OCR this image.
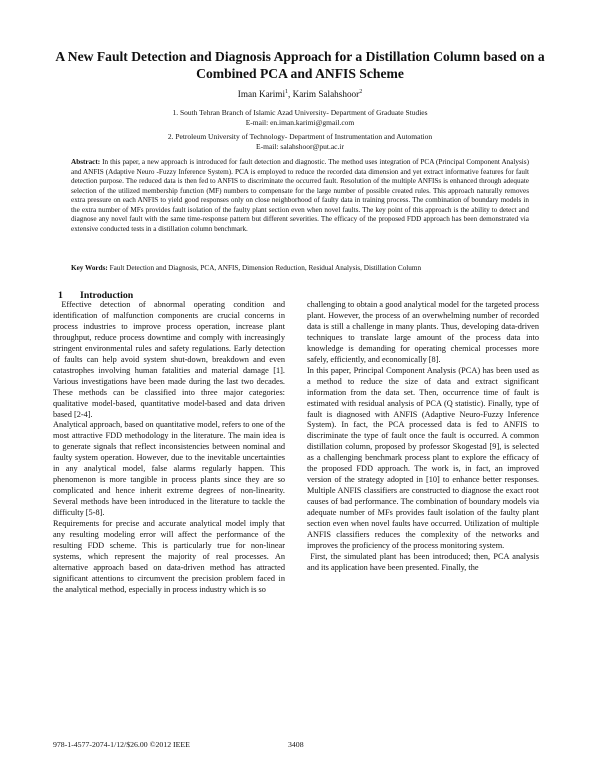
A New Fault Detection and Diagnosis Approach for a Distillation Column based on a Combined PCA and ANFIS Scheme
Iman Karimi$^1$, Karim Salahshoor$^2$

1. South Tehran Branch of Islamic Azad University- Department of Graduate Studies

E-mail: en.iman.karimi@gmail.com

2. Petroleum University of Technology- Department of Instrumentation and Automation

E-mail: salahshoor@put.ac.ir

Abstract: In this paper, a new approach is introduced for fault detection and diagnostic. The method uses integration of PCA (Principal Component Analysis) and ANFIS (Adaptive Neuro -Fuzzy Inference System). PCA is employed to reduce the recorded data dimension and yet extract informative features for fault detection purpose. The reduced data is then fed to ANFIS to discriminate the occurred fault. Resolution of the multiple ANFISs is enhanced through adequate selection of the utilized membership function (MF) numbers to compensate for the large number of possible created rules. This approach naturally removes extra pressure on each ANFIS to yield good responses only on close neighborhood of faulty data in training process. The combination of boundary models in the extra number of MFs provides fault isolation of the faulty plant section even when novel faults. The key point of this approach is the ability to detect and diagnose any novel fault with the same time-response pattern but different severities. The efficacy of the proposed FDD approach has been demonstrated via extensive conducted tests in a distillation column benchmark.

Key Words: Fault Detection and Diagnosis, PCA, ANFIS, Dimension Reduction, Residual Analysis, Distillation Column

1 Introduction

Effective detection of abnormal operating condition and identification of malfunction components are crucial concerns in process industries to improve process operation, increase plant throughput, reduce process downtime and comply with increasingly stringent environmental rules and safety regulations. Early detection of faults can help avoid system shut-down, breakdown and even catastrophes involving human fatalities and material damage [1]. Various investigations have been made during the last two decades. These methods can be classified into three major categories: qualitative model-based, quantitative model-based and data driven based [2-4].

Analytical approach, based on quantitative model, refers to one of the most attractive FDD methodology in the literature. The main idea is to generate signals that reflect inconsistencies between nominal and faulty system operation. However, due to the inevitable uncertainties in any analytical model, false alarms regularly happen. This phenomenon is more tangible in process plants since they are so complicated and hence inherit extreme degrees of non-linearity. Several methods have been introduced in the literature to tackle the difficulty [5-8].

Requirements for precise and accurate analytical model imply that any resulting modeling error will affect the performance of the resulting FDD scheme. This is particularly true for non-linear systems, which represent the majority of real processes. An alternative approach based on data-driven method has attracted significant attentions to circumvent the precision problem faced in the analytical method, especially in process industry which is so

challenging to obtain a good analytical model for the targeted process plant. However, the process of an overwhelming number of recorded data is still a challenge in many plants. Thus, developing data-driven techniques to translate large amount of the process data into knowledge is demanding for operating chemical processes more safely, efficiently, and economically [8].

In this paper, Principal Component Analysis (PCA) has been used as a method to reduce the size of data and extract significant information from the data set. Then, occurrence time of fault is estimated with residual analysis of PCA (Q statistic). Finally, type of fault is diagnosed with ANFIS (Adaptive Neuro-Fuzzy Inference System). In fact, the PCA processed data is fed to ANFIS to discriminate the type of fault once the fault is occurred. A common distillation column, proposed by professor Skogestad [9], is selected as a challenging benchmark process plant to explore the efficacy of the proposed FDD approach. The work is, in fact, an improved version of the strategy adopted in [10] to enhance better responses. Multiple ANFIS classifiers are constructed to diagnose the exact root causes of bad performance. The combination of boundary models via adequate number of MFs provides fault isolation of the faulty plant section even when novel faults have occurred. Utilization of multiple ANFIS classifiers reduces the complexity of the networks and improves the proficiency of the process monitoring system.

First, the simulated plant has been introduced; then, PCA analysis and its application have been presented. Finally, the

978-1-4577-2074-1/12/$26.00 ©2012 IEEE	3408
